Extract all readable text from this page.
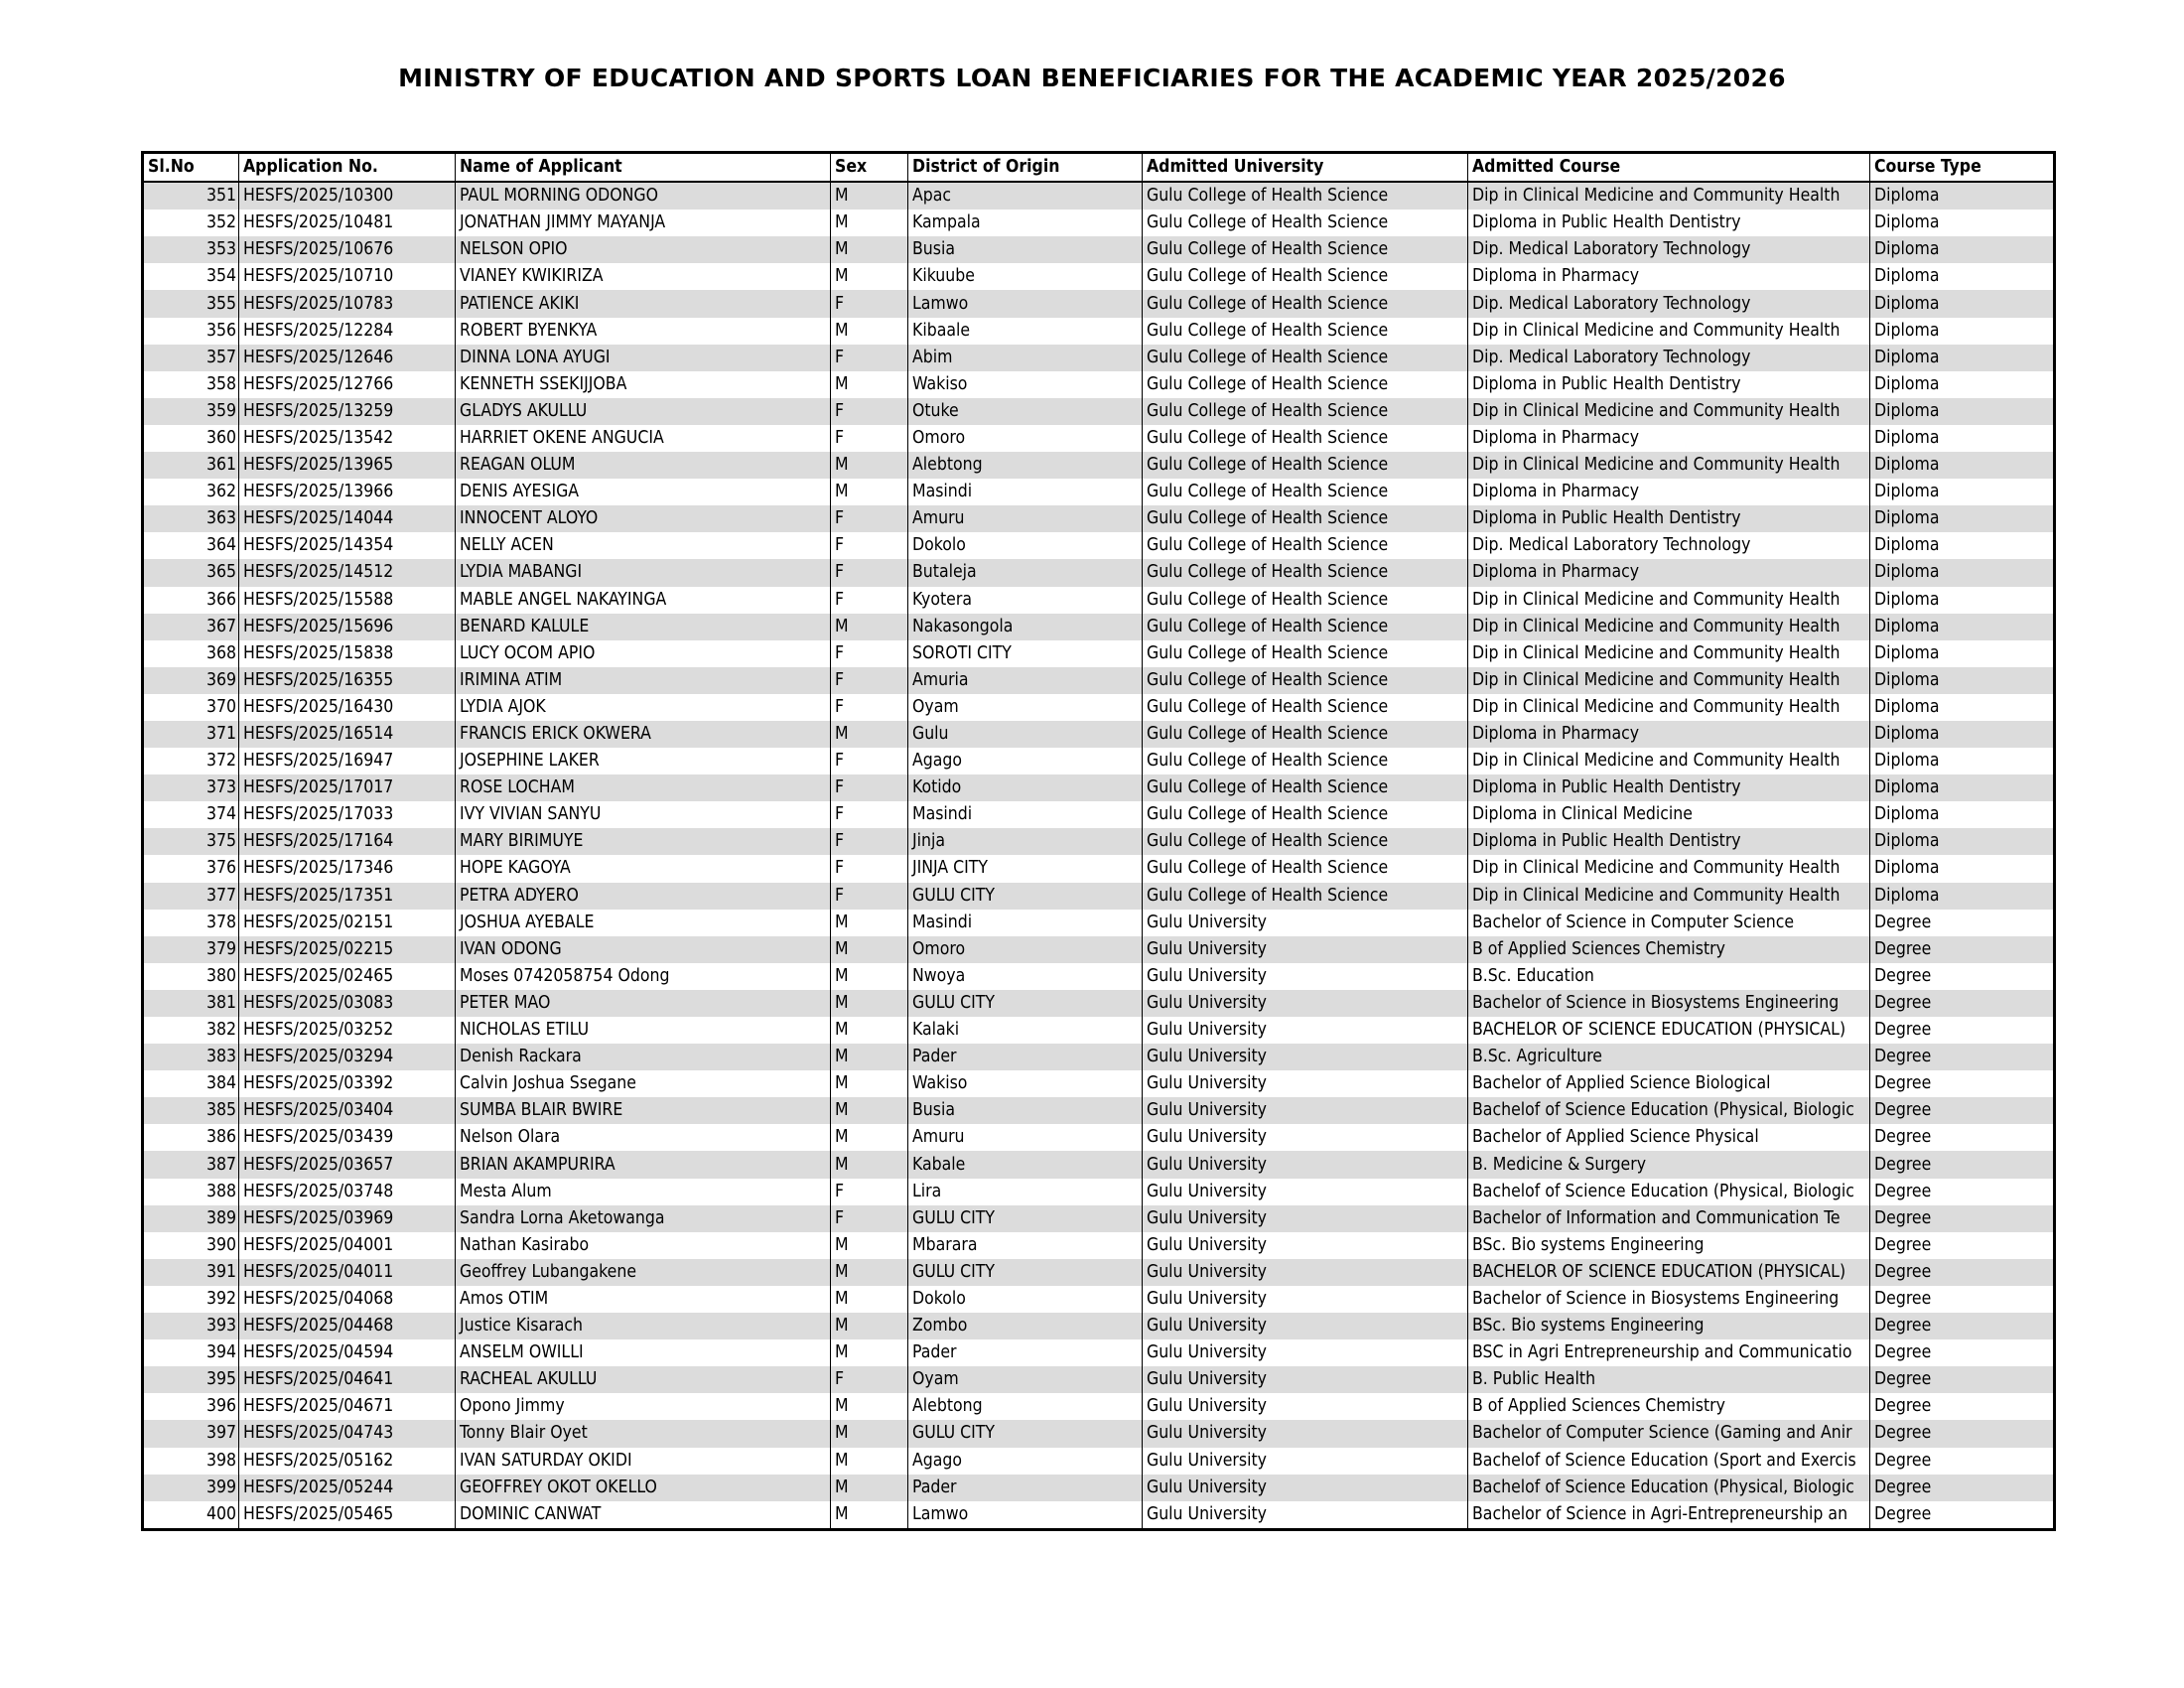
MINISTRY OF EDUCATION AND SPORTS LOAN BENEFICIARIES FOR THE ACADEMIC YEAR 2025/2026
Sl.No	Application No.	Name of Applicant	Sex	District of Origin	Admitted University	Admitted Course	Course Type
351	HESFS/2025/10300	PAUL MORNING ODONGO	M	Apac	Gulu College of Health Science	Dip in Clinical Medicine and Community Health	Diploma
352	HESFS/2025/10481	JONATHAN JIMMY MAYANJA	M	Kampala	Gulu College of Health Science	Diploma in Public Health Dentistry	Diploma
353	HESFS/2025/10676	NELSON OPIO	M	Busia	Gulu College of Health Science	Dip. Medical Laboratory Technology	Diploma
354	HESFS/2025/10710	VIANEY KWIKIRIZA	M	Kikuube	Gulu College of Health Science	Diploma in Pharmacy	Diploma
355	HESFS/2025/10783	PATIENCE AKIKI	F	Lamwo	Gulu College of Health Science	Dip. Medical Laboratory Technology	Diploma
356	HESFS/2025/12284	ROBERT BYENKYA	M	Kibaale	Gulu College of Health Science	Dip in Clinical Medicine and Community Health	Diploma
357	HESFS/2025/12646	DINNA LONA AYUGI	F	Abim	Gulu College of Health Science	Dip. Medical Laboratory Technology	Diploma
358	HESFS/2025/12766	KENNETH SSEKIJJOBA	M	Wakiso	Gulu College of Health Science	Diploma in Public Health Dentistry	Diploma
359	HESFS/2025/13259	GLADYS AKULLU	F	Otuke	Gulu College of Health Science	Dip in Clinical Medicine and Community Health	Diploma
360	HESFS/2025/13542	HARRIET OKENE ANGUCIA	F	Omoro	Gulu College of Health Science	Diploma in Pharmacy	Diploma
361	HESFS/2025/13965	REAGAN OLUM	M	Alebtong	Gulu College of Health Science	Dip in Clinical Medicine and Community Health	Diploma
362	HESFS/2025/13966	DENIS AYESIGA	M	Masindi	Gulu College of Health Science	Diploma in Pharmacy	Diploma
363	HESFS/2025/14044	INNOCENT ALOYO	F	Amuru	Gulu College of Health Science	Diploma in Public Health Dentistry	Diploma
364	HESFS/2025/14354	NELLY ACEN	F	Dokolo	Gulu College of Health Science	Dip. Medical Laboratory Technology	Diploma
365	HESFS/2025/14512	LYDIA MABANGI	F	Butaleja	Gulu College of Health Science	Diploma in Pharmacy	Diploma
366	HESFS/2025/15588	MABLE ANGEL NAKAYINGA	F	Kyotera	Gulu College of Health Science	Dip in Clinical Medicine and Community Health	Diploma
367	HESFS/2025/15696	BENARD KALULE	M	Nakasongola	Gulu College of Health Science	Dip in Clinical Medicine and Community Health	Diploma
368	HESFS/2025/15838	LUCY OCOM APIO	F	SOROTI CITY	Gulu College of Health Science	Dip in Clinical Medicine and Community Health	Diploma
369	HESFS/2025/16355	IRIMINA ATIM	F	Amuria	Gulu College of Health Science	Dip in Clinical Medicine and Community Health	Diploma
370	HESFS/2025/16430	LYDIA AJOK	F	Oyam	Gulu College of Health Science	Dip in Clinical Medicine and Community Health	Diploma
371	HESFS/2025/16514	FRANCIS ERICK OKWERA	M	Gulu	Gulu College of Health Science	Diploma in Pharmacy	Diploma
372	HESFS/2025/16947	JOSEPHINE LAKER	F	Agago	Gulu College of Health Science	Dip in Clinical Medicine and Community Health	Diploma
373	HESFS/2025/17017	ROSE LOCHAM	F	Kotido	Gulu College of Health Science	Diploma in Public Health Dentistry	Diploma
374	HESFS/2025/17033	IVY VIVIAN SANYU	F	Masindi	Gulu College of Health Science	Diploma in Clinical Medicine	Diploma
375	HESFS/2025/17164	MARY BIRIMUYE	F	Jinja	Gulu College of Health Science	Diploma in Public Health Dentistry	Diploma
376	HESFS/2025/17346	HOPE KAGOYA	F	JINJA CITY	Gulu College of Health Science	Dip in Clinical Medicine and Community Health	Diploma
377	HESFS/2025/17351	PETRA ADYERO	F	GULU CITY	Gulu College of Health Science	Dip in Clinical Medicine and Community Health	Diploma
378	HESFS/2025/02151	JOSHUA AYEBALE	M	Masindi	Gulu University	Bachelor of Science in Computer Science	Degree
379	HESFS/2025/02215	IVAN ODONG	M	Omoro	Gulu University	B of Applied Sciences Chemistry	Degree
380	HESFS/2025/02465	Moses 0742058754 Odong	M	Nwoya	Gulu University	B.Sc. Education	Degree
381	HESFS/2025/03083	PETER MAO	M	GULU CITY	Gulu University	Bachelor of Science in Biosystems Engineering	Degree
382	HESFS/2025/03252	NICHOLAS ETILU	M	Kalaki	Gulu University	BACHELOR OF SCIENCE EDUCATION (PHYSICAL)	Degree
383	HESFS/2025/03294	Denish Rackara	M	Pader	Gulu University	B.Sc. Agriculture	Degree
384	HESFS/2025/03392	Calvin Joshua Ssegane	M	Wakiso	Gulu University	Bachelor of Applied Science Biological	Degree
385	HESFS/2025/03404	SUMBA BLAIR BWIRE	M	Busia	Gulu University	Bachelof of Science Education (Physical, Biologic	Degree
386	HESFS/2025/03439	Nelson Olara	M	Amuru	Gulu University	Bachelor of Applied Science Physical	Degree
387	HESFS/2025/03657	BRIAN AKAMPURIRA	M	Kabale	Gulu University	B. Medicine & Surgery	Degree
388	HESFS/2025/03748	Mesta Alum	F	Lira	Gulu University	Bachelof of Science Education (Physical, Biologic	Degree
389	HESFS/2025/03969	Sandra Lorna Aketowanga	F	GULU CITY	Gulu University	Bachelor of Information and Communication Te	Degree
390	HESFS/2025/04001	Nathan Kasirabo	M	Mbarara	Gulu University	BSc. Bio systems Engineering	Degree
391	HESFS/2025/04011	Geoffrey Lubangakene	M	GULU CITY	Gulu University	BACHELOR OF SCIENCE EDUCATION (PHYSICAL)	Degree
392	HESFS/2025/04068	Amos OTIM	M	Dokolo	Gulu University	Bachelor of Science in Biosystems Engineering	Degree
393	HESFS/2025/04468	Justice Kisarach	M	Zombo	Gulu University	BSc. Bio systems Engineering	Degree
394	HESFS/2025/04594	ANSELM OWILLI	M	Pader	Gulu University	BSC in Agri Entrepreneurship and Communicatio	Degree
395	HESFS/2025/04641	RACHEAL AKULLU	F	Oyam	Gulu University	B. Public Health	Degree
396	HESFS/2025/04671	Opono Jimmy	M	Alebtong	Gulu University	B of Applied Sciences Chemistry	Degree
397	HESFS/2025/04743	Tonny Blair Oyet	M	GULU CITY	Gulu University	Bachelor of Computer Science (Gaming and Anir	Degree
398	HESFS/2025/05162	IVAN SATURDAY OKIDI	M	Agago	Gulu University	Bachelof of Science Education (Sport and Exercis	Degree
399	HESFS/2025/05244	GEOFFREY OKOT OKELLO	M	Pader	Gulu University	Bachelof of Science Education (Physical, Biologic	Degree
400	HESFS/2025/05465	DOMINIC CANWAT	M	Lamwo	Gulu University	Bachelor of Science in Agri-Entrepreneurship an	Degree
